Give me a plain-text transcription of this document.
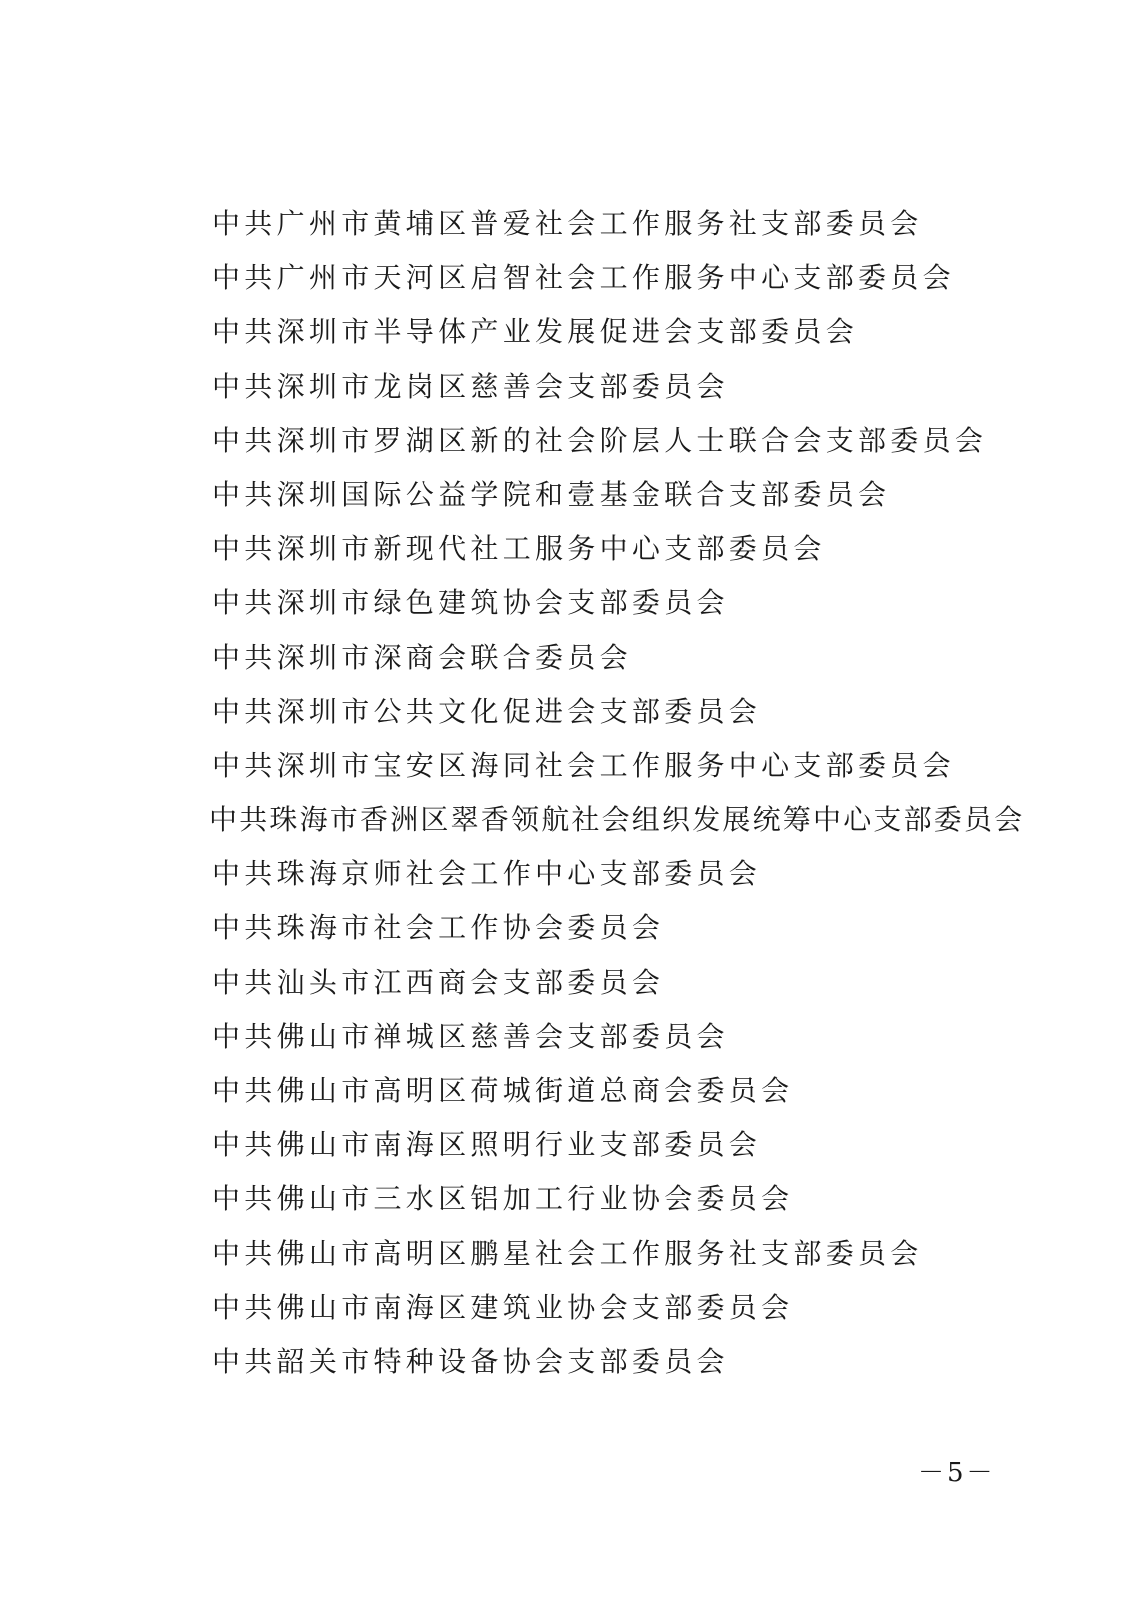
中共广州市黄埔区普爱社会工作服务社支部委员会
中共广州市天河区启智社会工作服务中心支部委员会
中共深圳市半导体产业发展促进会支部委员会
中共深圳市龙岗区慈善会支部委员会
中共深圳市罗湖区新的社会阶层人士联合会支部委员会
中共深圳国际公益学院和壹基金联合支部委员会
中共深圳市新现代社工服务中心支部委员会
中共深圳市绿色建筑协会支部委员会
中共深圳市深商会联合委员会
中共深圳市公共文化促进会支部委员会
中共深圳市宝安区海同社会工作服务中心支部委员会
中共珠海市香洲区翠香领航社会组织发展统筹中心支部委员会
中共珠海京师社会工作中心支部委员会
中共珠海市社会工作协会委员会
中共汕头市江西商会支部委员会
中共佛山市禅城区慈善会支部委员会
中共佛山市高明区荷城街道总商会委员会
中共佛山市南海区照明行业支部委员会
中共佛山市三水区铝加工行业协会委员会
中共佛山市高明区鹏星社会工作服务社支部委员会
中共佛山市南海区建筑业协会支部委员会
中共韶关市特种设备协会支部委员会
－5－
